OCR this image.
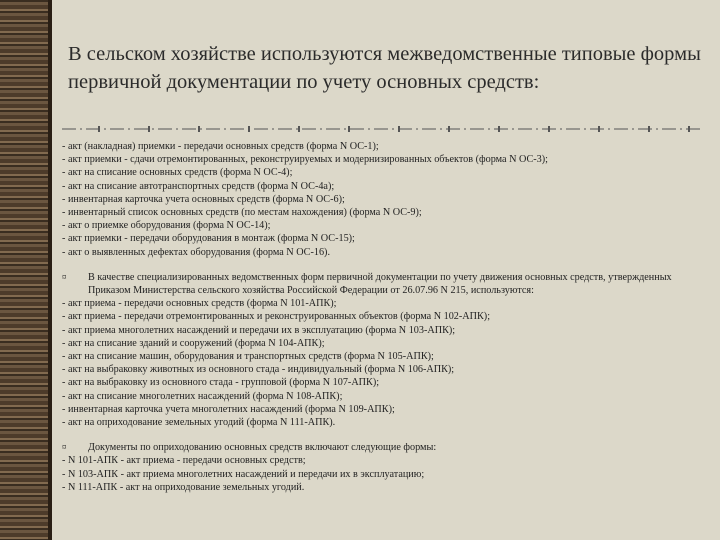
В сельском хозяйстве используются межведомственные типовые формы первичной документации по учету основных средств:
- акт (накладная) приемки - передачи основных средств (форма N ОС-1);
- акт приемки - сдачи отремонтированных, реконструируемых и модернизированных объектов (форма N ОС-3);
- акт на списание основных средств (форма N ОС-4);
- акт на списание автотранспортных средств (форма N ОС-4а);
- инвентарная карточка учета основных средств (форма N ОС-6);
- инвентарный список основных средств (по местам нахождения) (форма N ОС-9);
- акт о приемке оборудования (форма N ОС-14);
- акт приемки - передачи оборудования в монтаж (форма N ОС-15);
- акт о выявленных дефектах оборудования (форма N ОС-16).
¤	В качестве специализированных ведомственных форм первичной документации по учету движения основных средств, утвержденных Приказом Министерства сельского хозяйства Российской Федерации от 26.07.96 N 215, используются:
- акт приема - передачи основных средств (форма N 101-АПК);
- акт приема - передачи отремонтированных и реконструированных объектов (форма N 102-АПК);
- акт приема многолетних насаждений и передачи их в эксплуатацию (форма N 103-АПК);
- акт на списание зданий и сооружений (форма N 104-АПК);
- акт на списание машин, оборудования и транспортных средств (форма N 105-АПК);
- акт на выбраковку животных из основного стада - индивидуальный (форма N 106-АПК);
- акт на выбраковку из основного стада - групповой (форма N 107-АПК);
- акт на списание многолетних насаждений (форма N 108-АПК);
- инвентарная карточка учета многолетних насаждений (форма N 109-АПК);
- акт на оприходование земельных угодий (форма N 111-АПК).
¤	Документы по оприходованию основных средств включают следующие формы:
- N 101-АПК - акт приема - передачи основных средств;
- N 103-АПК - акт приема многолетних насаждений и передачи их в эксплуатацию;
- N 111-АПК - акт на оприходование земельных угодий.
